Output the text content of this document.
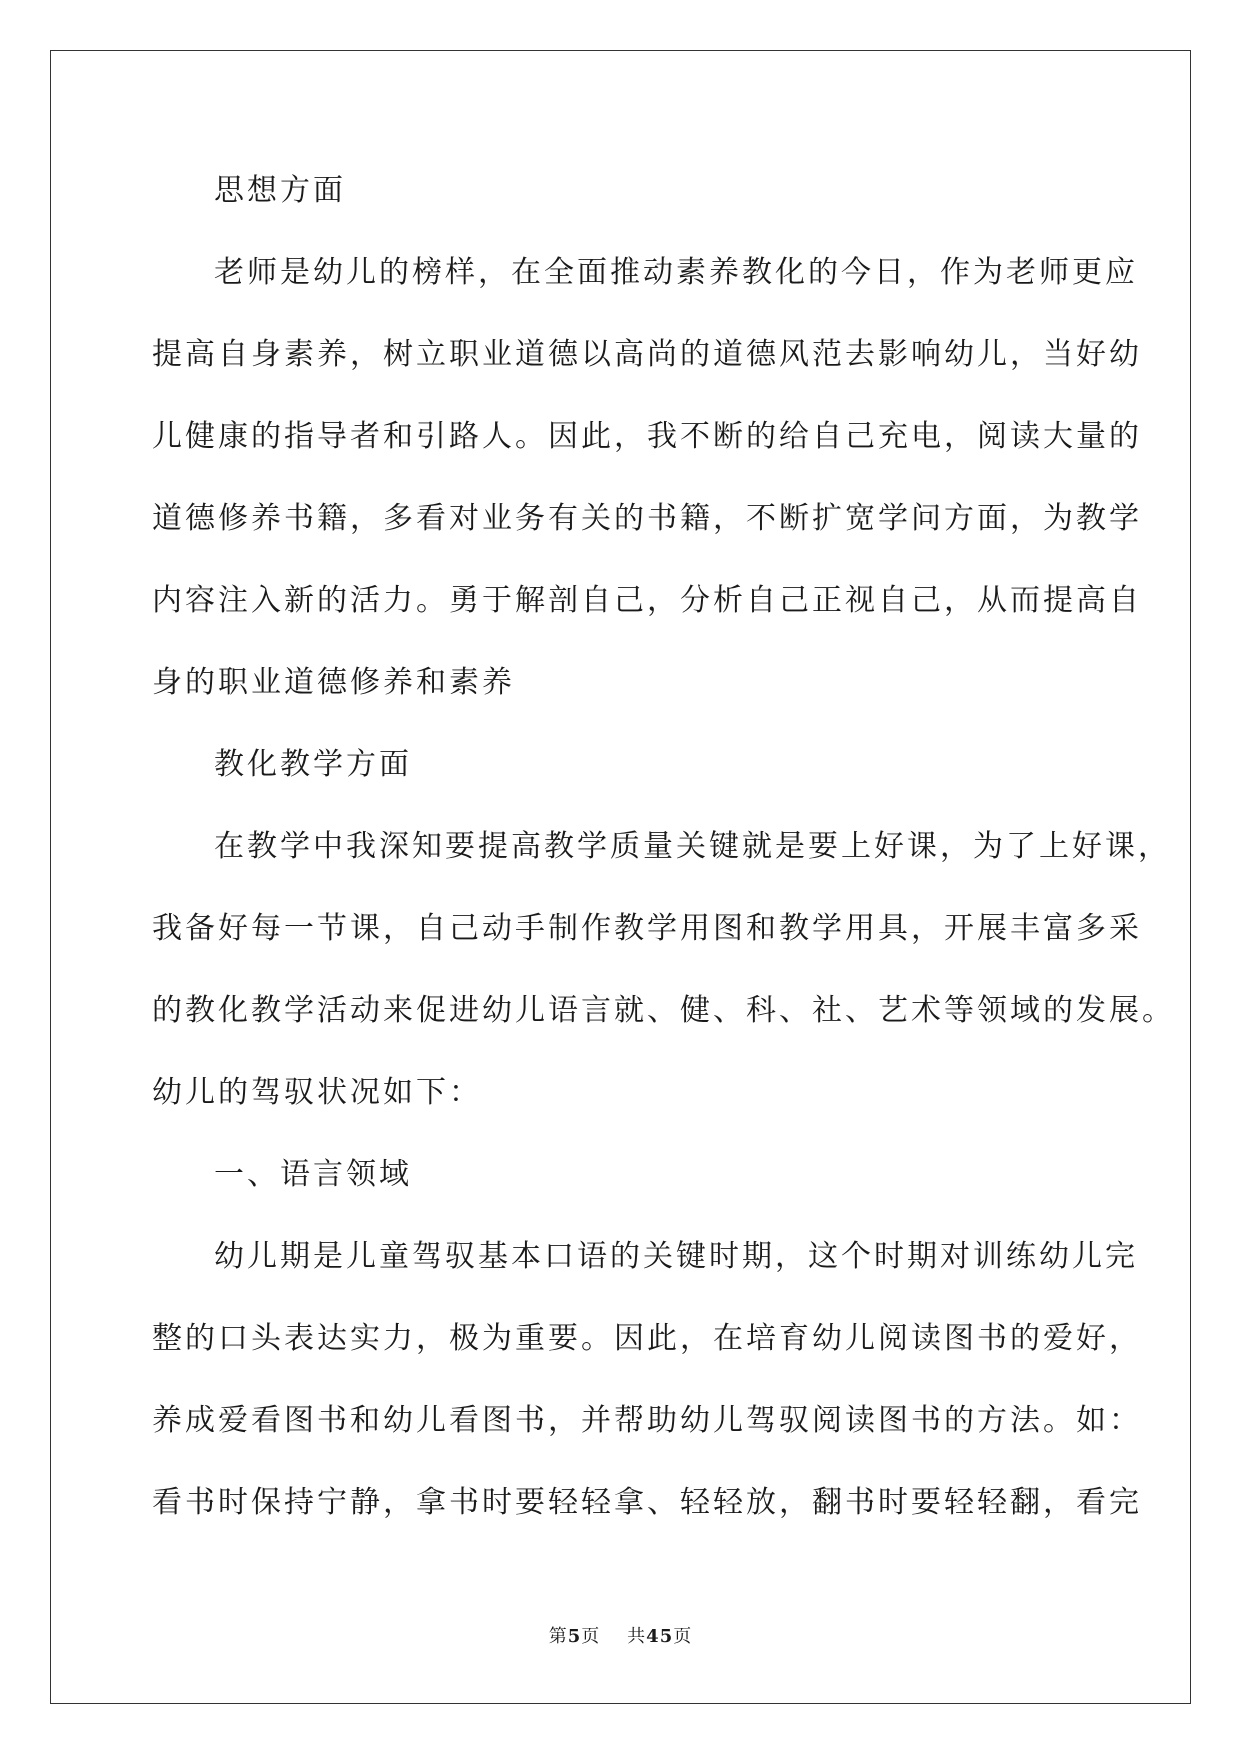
思想方面
老师是幼儿的榜样，在全面推动素养教化的今日，作为老师更应
提高自身素养，树立职业道德以高尚的道德风范去影响幼儿，当好幼
儿健康的指导者和引路人。因此，我不断的给自己充电，阅读大量的
道德修养书籍，多看对业务有关的书籍，不断扩宽学问方面，为教学
内容注入新的活力。勇于解剖自己，分析自己正视自己，从而提高自
身的职业道德修养和素养
教化教学方面
在教学中我深知要提高教学质量关键就是要上好课，为了上好课，
我备好每一节课，自己动手制作教学用图和教学用具，开展丰富多采
的教化教学活动来促进幼儿语言就、健、科、社、艺术等领域的发展。
幼儿的驾驭状况如下：
一、语言领域
幼儿期是儿童驾驭基本口语的关键时期，这个时期对训练幼儿完
整的口头表达实力，极为重要。因此，在培育幼儿阅读图书的爱好，
养成爱看图书和幼儿看图书，并帮助幼儿驾驭阅读图书的方法。如：
看书时保持宁静，拿书时要轻轻拿、轻轻放，翻书时要轻轻翻，看完
第5页 共45页
